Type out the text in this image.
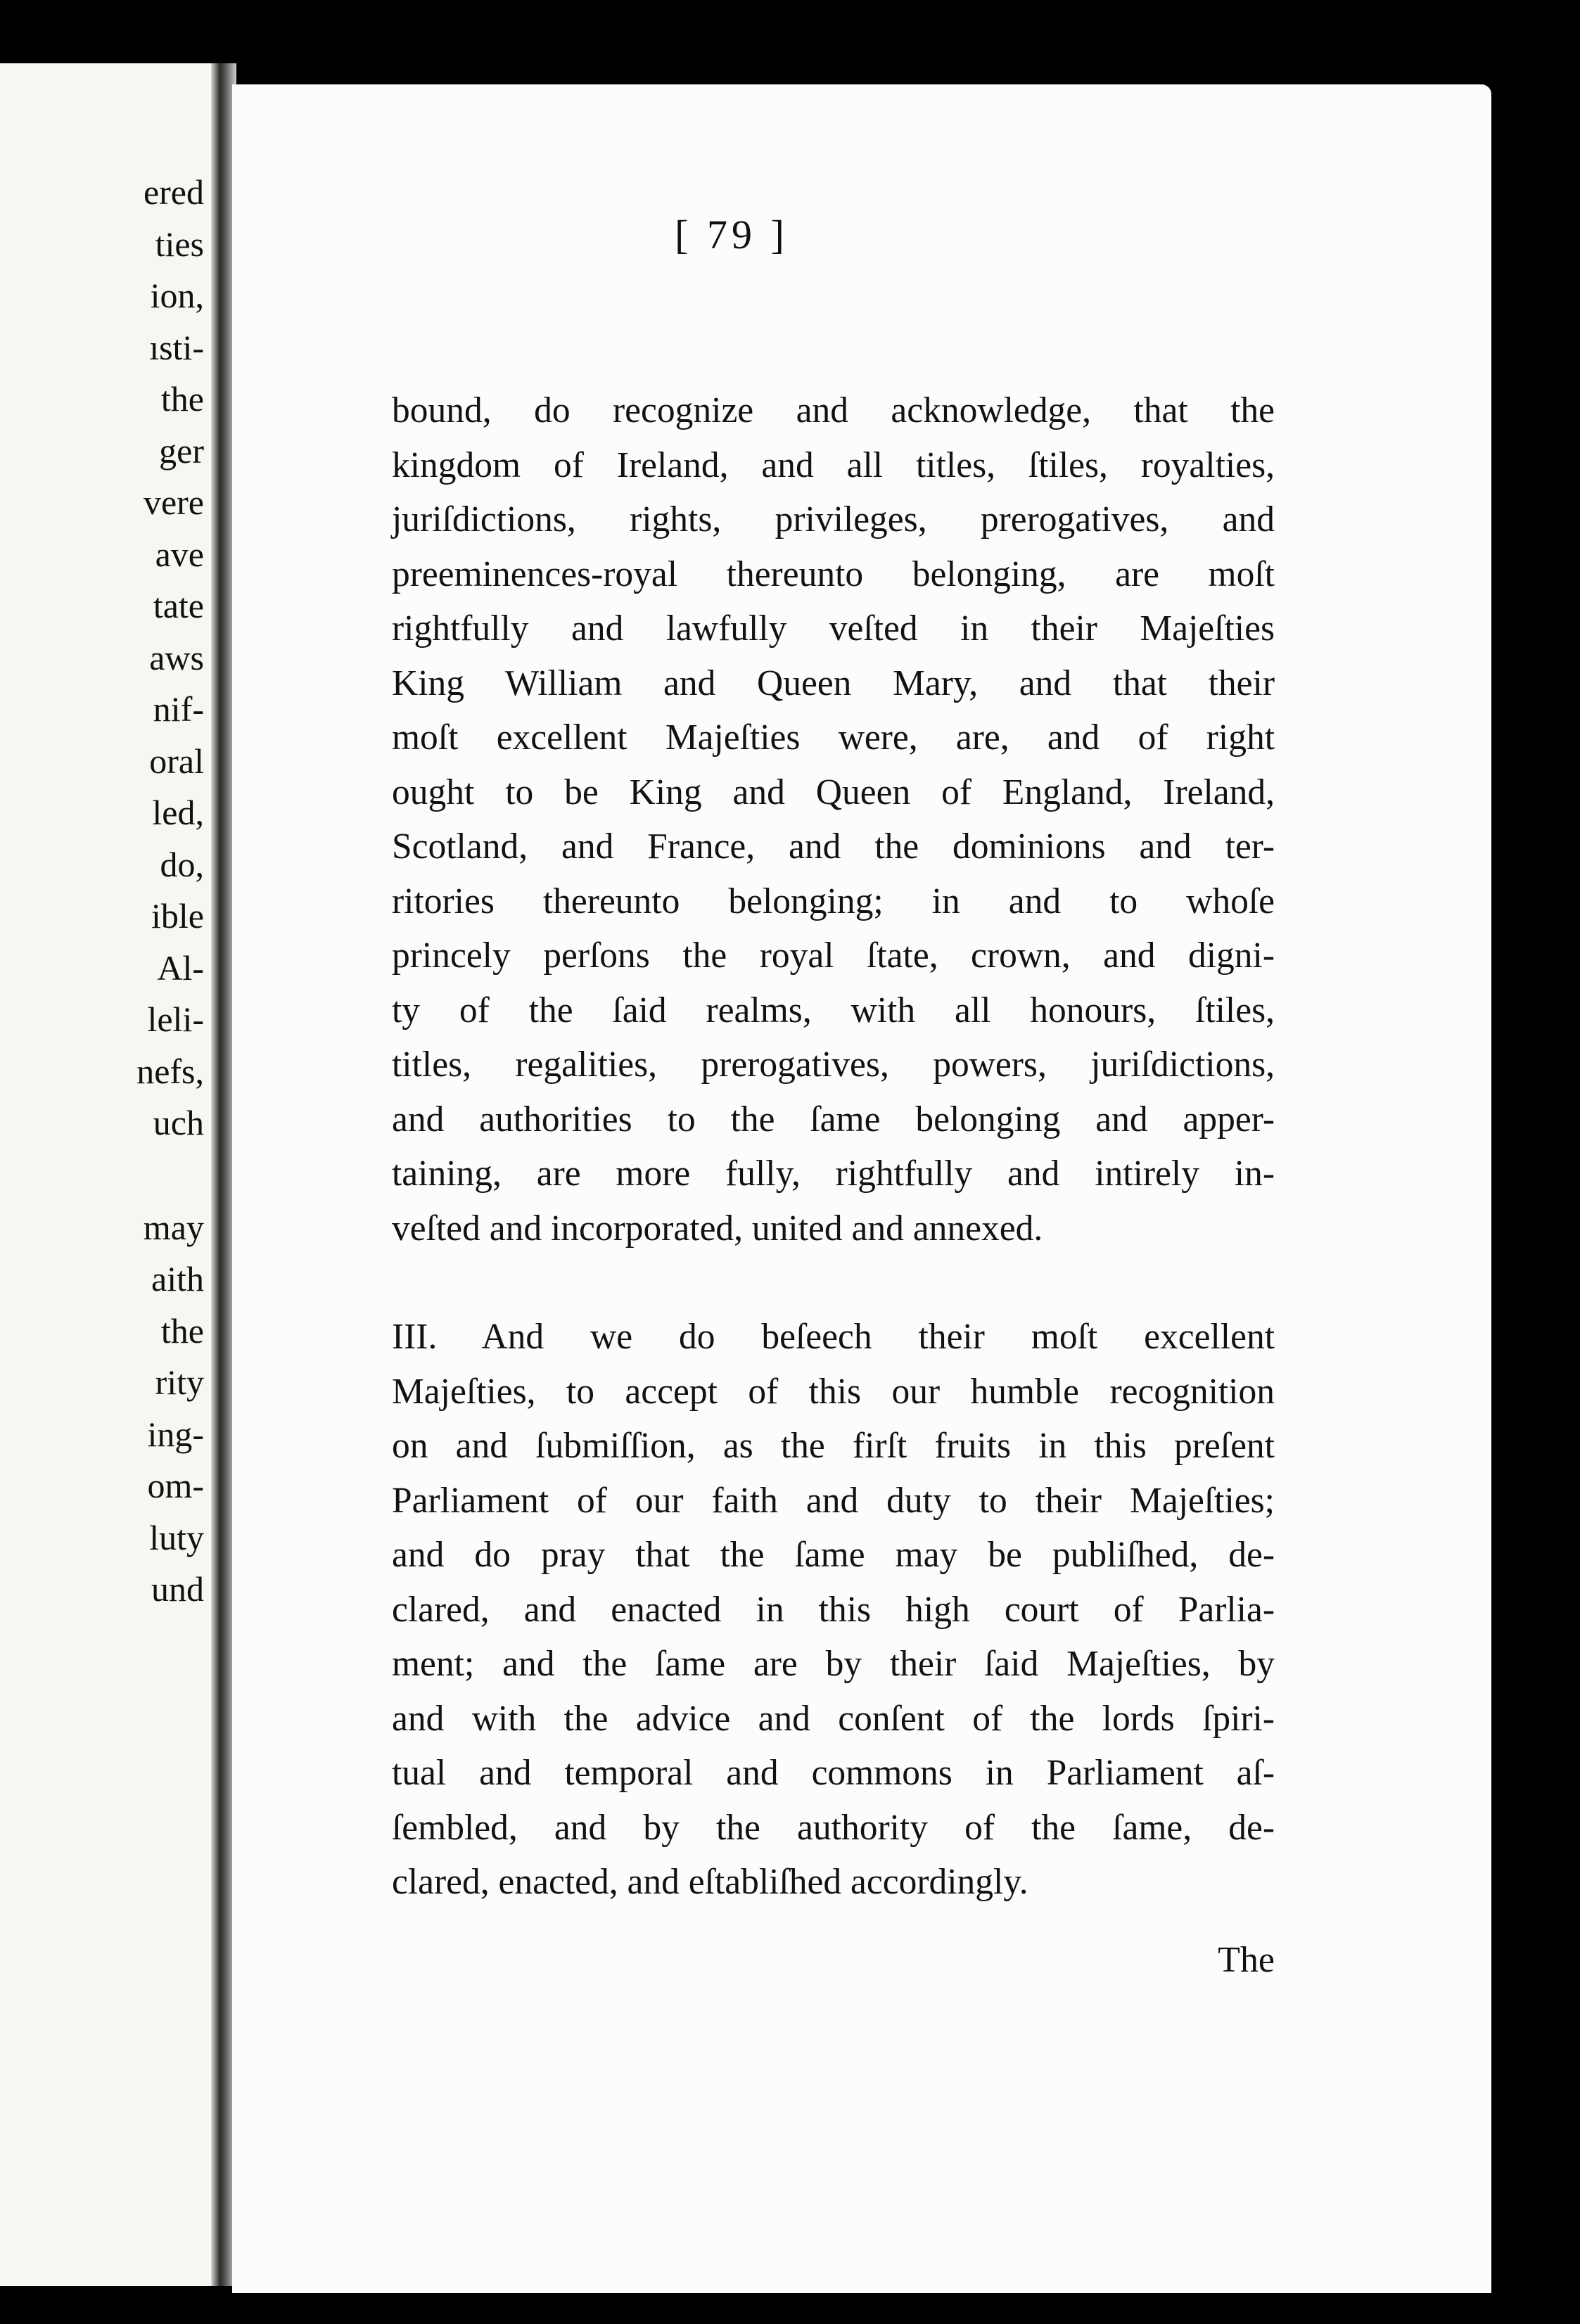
ered
ties
ion,
ısti-
the
ger
vere
ave
tate
aws
nif-
oral
led,
do,
ible
Al-
leli-
nefs,
uch
may
aith
the
rity
ing-
om-
luty
und
[ 79 ]
bound, do recognize and acknowledge, that the
kingdom of Ireland, and all titles, ſtiles, royalties,
juriſdictions, rights, privileges, prerogatives, and
preeminences-royal thereunto belonging, are moſt
rightfully and lawfully veſted in their Majeſties
King William and Queen Mary, and that their
moſt excellent Majeſties were, are, and of right
ought to be King and Queen of England, Ireland,
Scotland, and France, and the dominions and ter-
ritories thereunto belonging; in and to whoſe
princely perſons the royal ſtate, crown, and digni-
ty of the ſaid realms, with all honours, ſtiles,
titles, regalities, prerogatives, powers, juriſdictions,
and authorities to the ſame belonging and apper-
taining, are more fully, rightfully and intirely in-
veſted and incorporated, united and annexed.
III. And we do beſeech their moſt excellent
Majeſties, to accept of this our humble recognition
on and ſubmiſſion, as the firſt fruits in this preſent
Parliament of our faith and duty to their Majeſties;
and do pray that the ſame may be publiſhed, de-
clared, and enacted in this high court of Parlia-
ment; and the ſame are by their ſaid Majeſties, by
and with the advice and conſent of the lords ſpiri-
tual and temporal and commons in Parliament aſ-
ſembled, and by the authority of the ſame, de-
clared, enacted, and eſtabliſhed accordingly.
The
